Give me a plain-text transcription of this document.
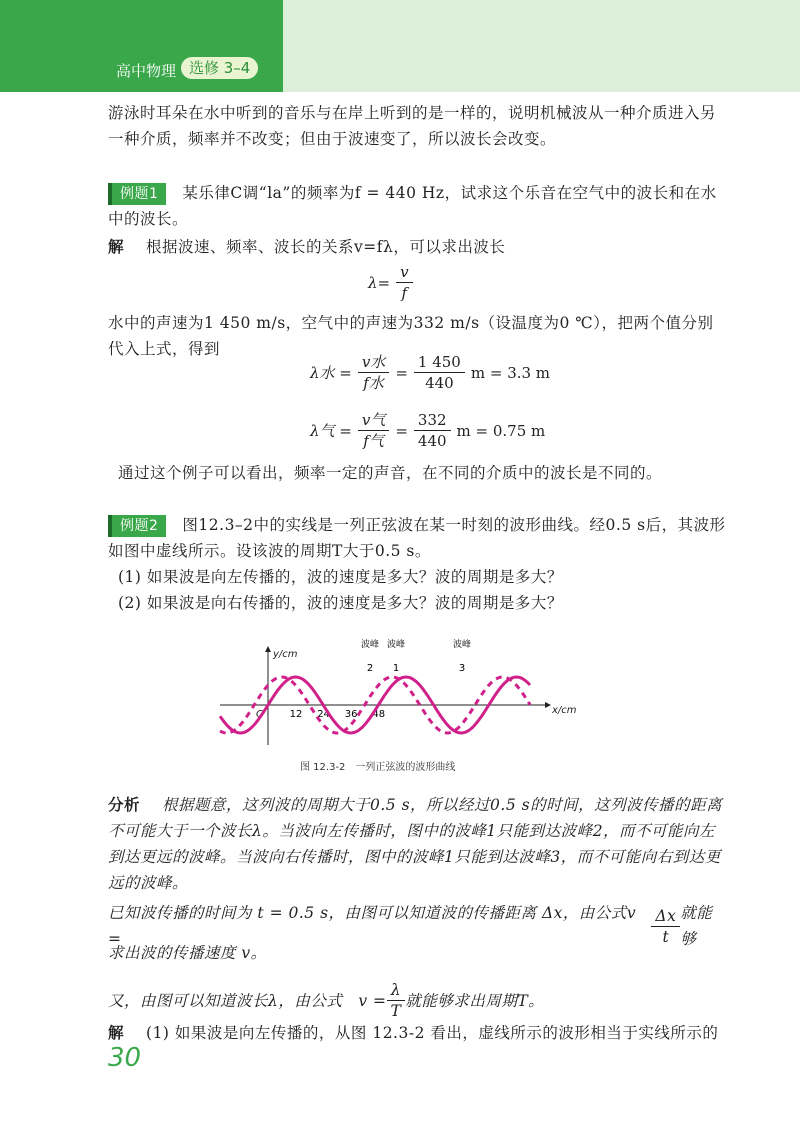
高中物理 选修 3–4
游泳时耳朵在水中听到的音乐与在岸上听到的是一样的，说明机械波从一种介质进入另一种介质，频率并不改变；但由于波速变了，所以波长会改变。
例题1 某乐律C调“la”的频率为f = 440 Hz，试求这个乐音在空气中的波长和在水中的波长。
解 根据波速、频率、波长的关系v=fλ，可以求出波长
$\lambda= \frac{v}{f}$
水中的声速为1 450 m/s，空气中的声速为332 m/s（设温度为0 ℃），把两个值分别代入上式，得到
λ水 = $\frac{\text{v水}}{\text{f水}} = \frac{1 450}{440}$ m = 3.3 m
λ气 = $\frac{\text{v气}}{\text{f气}} = \frac{332}{440}$ m = 0.75 m
通过这个例子可以看出，频率一定的声音，在不同的介质中的波长是不同的。
例题2 图12.3–2中的实线是一列正弦波在某一时刻的波形曲线。经0.5 s后，其波形如图中虚线所示。设该波的周期T大于0.5 s。
(1) 如果波是向左传播的，波的速度是多大？波的周期是多大？
(2) 如果波是向右传播的，波的速度是多大？波的周期是多大？
y/cm
x/cm
O	12 24 36 48
波峰
2
波峰
1
波峰
3
图 12.3-2　一列正弦波的波形曲线
分析 根据题意，这列波的周期大于0.5 s，所以经过0.5 s的时间，这列波传播的距离不可能大于一个波长λ。当波向左传播时，图中的波峰1只能到达波峰2，而不可能向左到达更远的波峰。当波向右传播时，图中的波峰1只能到达波峰3，而不可能向右到达更远的波峰。
已知波传播的时间为 t = 0.5 s，由图可以知道波的传播距离 Δx，由公式v =	$\frac{\Delta x}{t}$ 就能够
求出波的传播速度 v。
又，由图可以知道波长λ，由公式　$v = \frac{\lambda}{T}$ 就能够求出周期T。
解 (1) 如果波是向左传播的，从图 12.3-2 看出，虚线所示的波形相当于实线所示的
30
